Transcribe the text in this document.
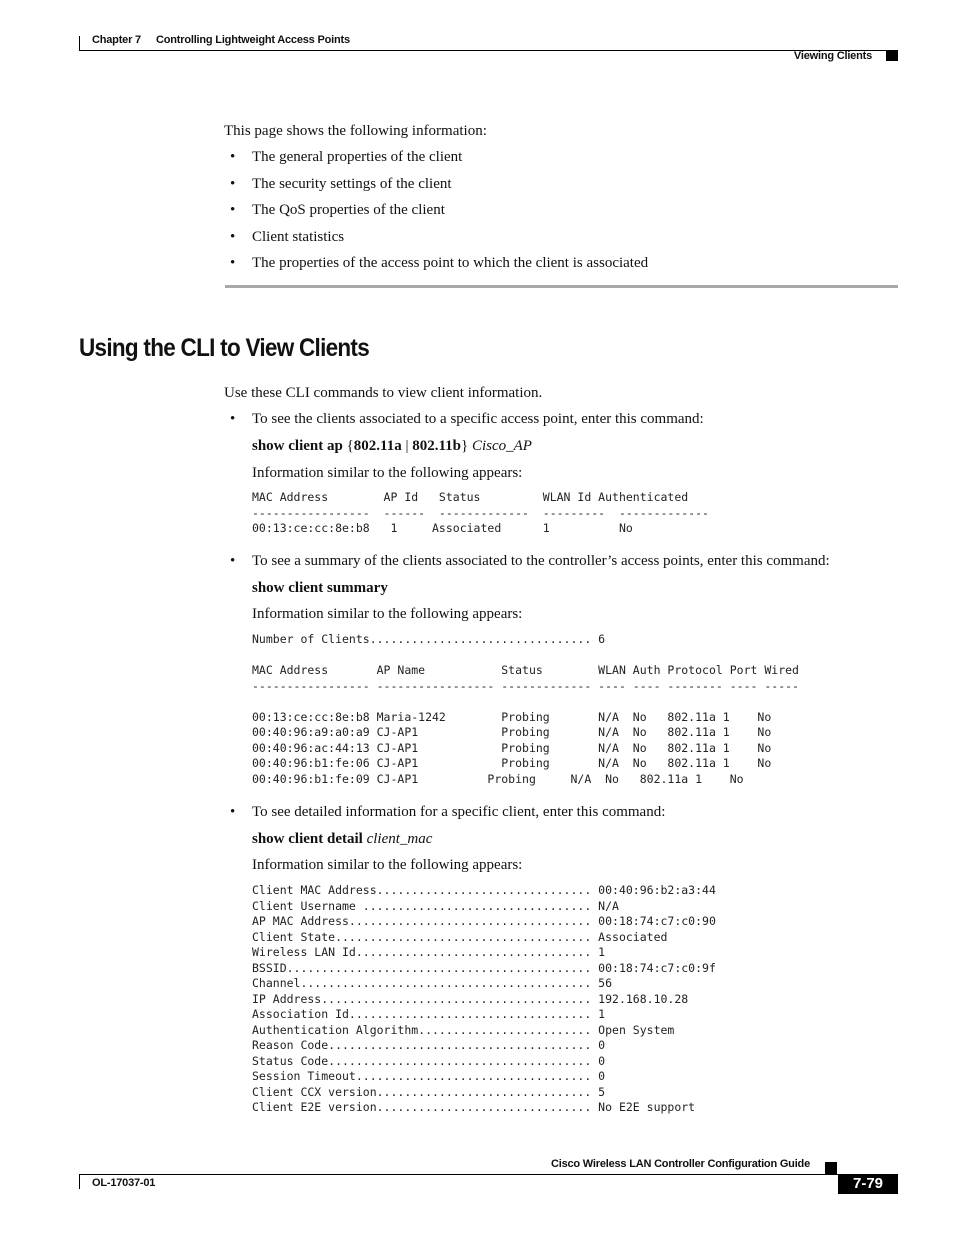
Chapter 7 Controlling Lightweight Access Points
Viewing Clients
This page shows the following information:
• The general properties of the client
• The security settings of the client
• The QoS properties of the client
• Client statistics
• The properties of the access point to which the client is associated
Using the CLI to View Clients
Use these CLI commands to view client information.
• To see the clients associated to a specific access point, enter this command:
show client ap {802.11a | 802.11b} Cisco_AP
Information similar to the following appears:
MAC Address        AP Id   Status         WLAN Id Authenticated
-----------------  ------  -------------  ---------  -------------
00:13:ce:cc:8e:b8   1     Associated      1          No
• To see a summary of the clients associated to the controller’s access points, enter this command:
show client summary
Information similar to the following appears:
Number of Clients................................ 6

MAC Address       AP Name           Status        WLAN Auth Protocol Port Wired
----------------- ----------------- ------------- ---- ---- -------- ---- -----

00:13:ce:cc:8e:b8 Maria-1242        Probing       N/A  No   802.11a 1    No
00:40:96:a9:a0:a9 CJ-AP1            Probing       N/A  No   802.11a 1    No
00:40:96:ac:44:13 CJ-AP1            Probing       N/A  No   802.11a 1    No
00:40:96:b1:fe:06 CJ-AP1            Probing       N/A  No   802.11a 1    No
00:40:96:b1:fe:09 CJ-AP1          Probing     N/A  No   802.11a 1    No
• To see detailed information for a specific client, enter this command:
show client detail client_mac
Information similar to the following appears:
Client MAC Address............................... 00:40:96:b2:a3:44
Client Username ................................. N/A
AP MAC Address................................... 00:18:74:c7:c0:90
Client State..................................... Associated
Wireless LAN Id.................................. 1
BSSID............................................ 00:18:74:c7:c0:9f
Channel.......................................... 56
IP Address....................................... 192.168.10.28
Association Id................................... 1
Authentication Algorithm......................... Open System
Reason Code...................................... 0
Status Code...................................... 0
Session Timeout.................................. 0
Client CCX version............................... 5
Client E2E version............................... No E2E support
Cisco Wireless LAN Controller Configuration Guide
OL-17037-01	7-79
